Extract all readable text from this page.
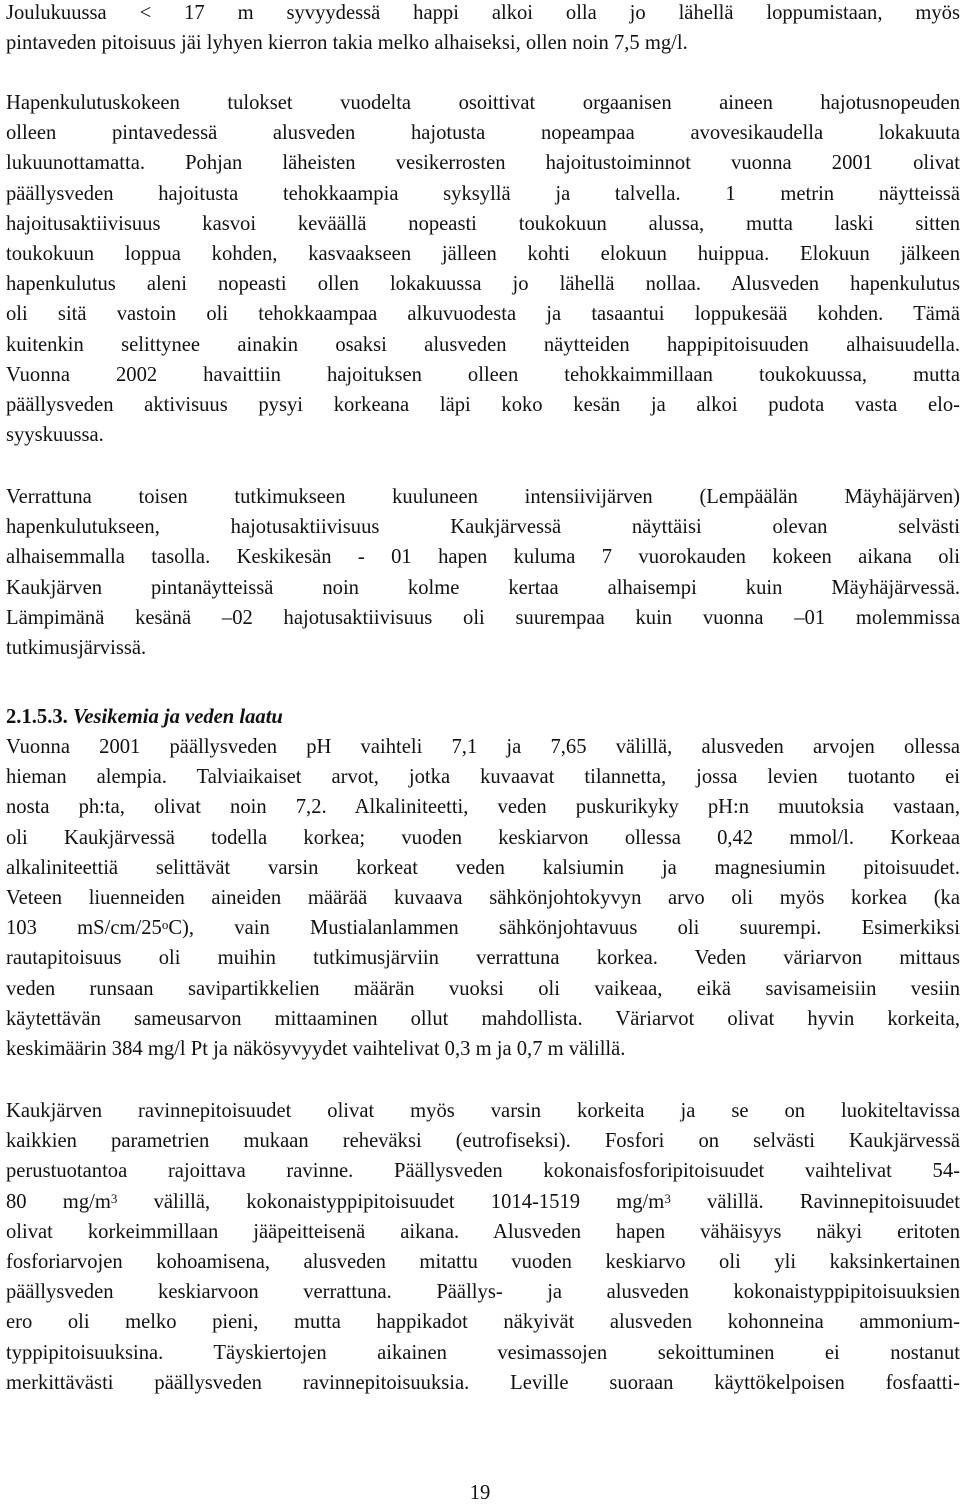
Joulukuussa < 17 m syvyydessä happi alkoi olla jo lähellä loppumistaan, myös
pintaveden pitoisuus jäi lyhyen kierron takia melko alhaiseksi, ollen noin 7,5 mg/l.
Hapenkulutuskokeen tulokset vuodelta osoittivat orgaanisen aineen hajotusnopeuden
olleen pintavedessä alusveden hajotusta nopeampaa avovesikaudella lokakuuta
lukuunottamatta. Pohjan läheisten vesikerrosten hajoitustoiminnot vuonna 2001 olivat
päällysveden hajoitusta tehokkaampia syksyllä ja talvella. 1 metrin näytteissä
hajoitusaktiivisuus kasvoi keväällä nopeasti toukokuun alussa, mutta laski sitten
toukokuun loppua kohden, kasvaakseen jälleen kohti elokuun huippua. Elokuun jälkeen
hapenkulutus aleni nopeasti ollen lokakuussa jo lähellä nollaa. Alusveden hapenkulutus
oli sitä vastoin oli tehokkaampaa alkuvuodesta ja tasaantui loppukesää kohden. Tämä
kuitenkin selittynee ainakin osaksi alusveden näytteiden happipitoisuuden alhaisuudella.
Vuonna 2002 havaittiin hajoituksen olleen tehokkaimmillaan toukokuussa, mutta
päällysveden aktivisuus pysyi korkeana läpi koko kesän ja alkoi pudota vasta elo-
syyskuussa.
Verrattuna toisen tutkimukseen kuuluneen intensiivijärven (Lempäälän Mäyhäjärven)
hapenkulutukseen, hajotusaktiivisuus Kaukjärvessä näyttäisi olevan selvästi
alhaisemmalla tasolla. Keskikesän - 01 hapen kuluma 7 vuorokauden kokeen aikana oli
Kaukjärven pintanäytteissä noin kolme kertaa alhaisempi kuin Mäyhäjärvessä.
Lämpimänä kesänä –02 hajotusaktiivisuus oli suurempaa kuin vuonna –01 molemmissa
tutkimusjärvissä.
2.1.5.3. Vesikemia ja veden laatu
Vuonna 2001 päällysveden pH vaihteli 7,1 ja 7,65 välillä, alusveden arvojen ollessa
hieman alempia. Talviaikaiset arvot, jotka kuvaavat tilannetta, jossa levien tuotanto ei
nosta ph:ta, olivat noin 7,2. Alkaliniteetti, veden puskurikyky pH:n muutoksia vastaan,
oli Kaukjärvessä todella korkea; vuoden keskiarvon ollessa 0,42 mmol/l. Korkeaa
alkaliniteettiä selittävät varsin korkeat veden kalsiumin ja magnesiumin pitoisuudet.
Veteen liuenneiden aineiden määrää kuvaava sähkönjohtokyvyn arvo oli myös korkea (ka
103 mS/cm/25$^o$C), vain Mustialanlammen sähkönjohtavuus oli suurempi. Esimerkiksi
rautapitoisuus oli muihin tutkimusjärviin verrattuna korkea. Veden väriarvon mittaus
veden runsaan savipartikkelien määrän vuoksi oli vaikeaa, eikä savisameisiin vesiin
käytettävän sameusarvon mittaaminen ollut mahdollista. Väriarvot olivat hyvin korkeita,
keskimäärin 384 mg/l Pt ja näkösyvyydet vaihtelivat 0,3 m ja 0,7 m välillä.
Kaukjärven ravinnepitoisuudet olivat myös varsin korkeita ja se on luokiteltavissa
kaikkien parametrien mukaan reheväksi (eutrofiseksi). Fosfori on selvästi Kaukjärvessä
perustuotantoa rajoittava ravinne. Päällysveden kokonaisfosforipitoisuudet vaihtelivat 54-
80 $mg/m^3$ välillä, kokonaistyppipitoisuudet 1014-1519 $mg/m^3$ välillä. Ravinnepitoisuudet
olivat korkeimmillaan jääpeitteisenä aikana. Alusveden hapen vähäisyys näkyi eritoten
fosforiarvojen kohoamisena, alusveden mitattu vuoden keskiarvo oli yli kaksinkertainen
päällysveden keskiarvoon verrattuna. Päällys- ja alusveden kokonaistyppipitoisuuksien
ero oli melko pieni, mutta happikadot näkyivät alusveden kohonneina ammonium-
typpipitoisuuksina. Täyskiertojen aikainen vesimassojen sekoittuminen ei nostanut
merkittävästi päällysveden ravinnepitoisuuksia. Leville suoraan käyttökelpoisen fosfaatti-
19
